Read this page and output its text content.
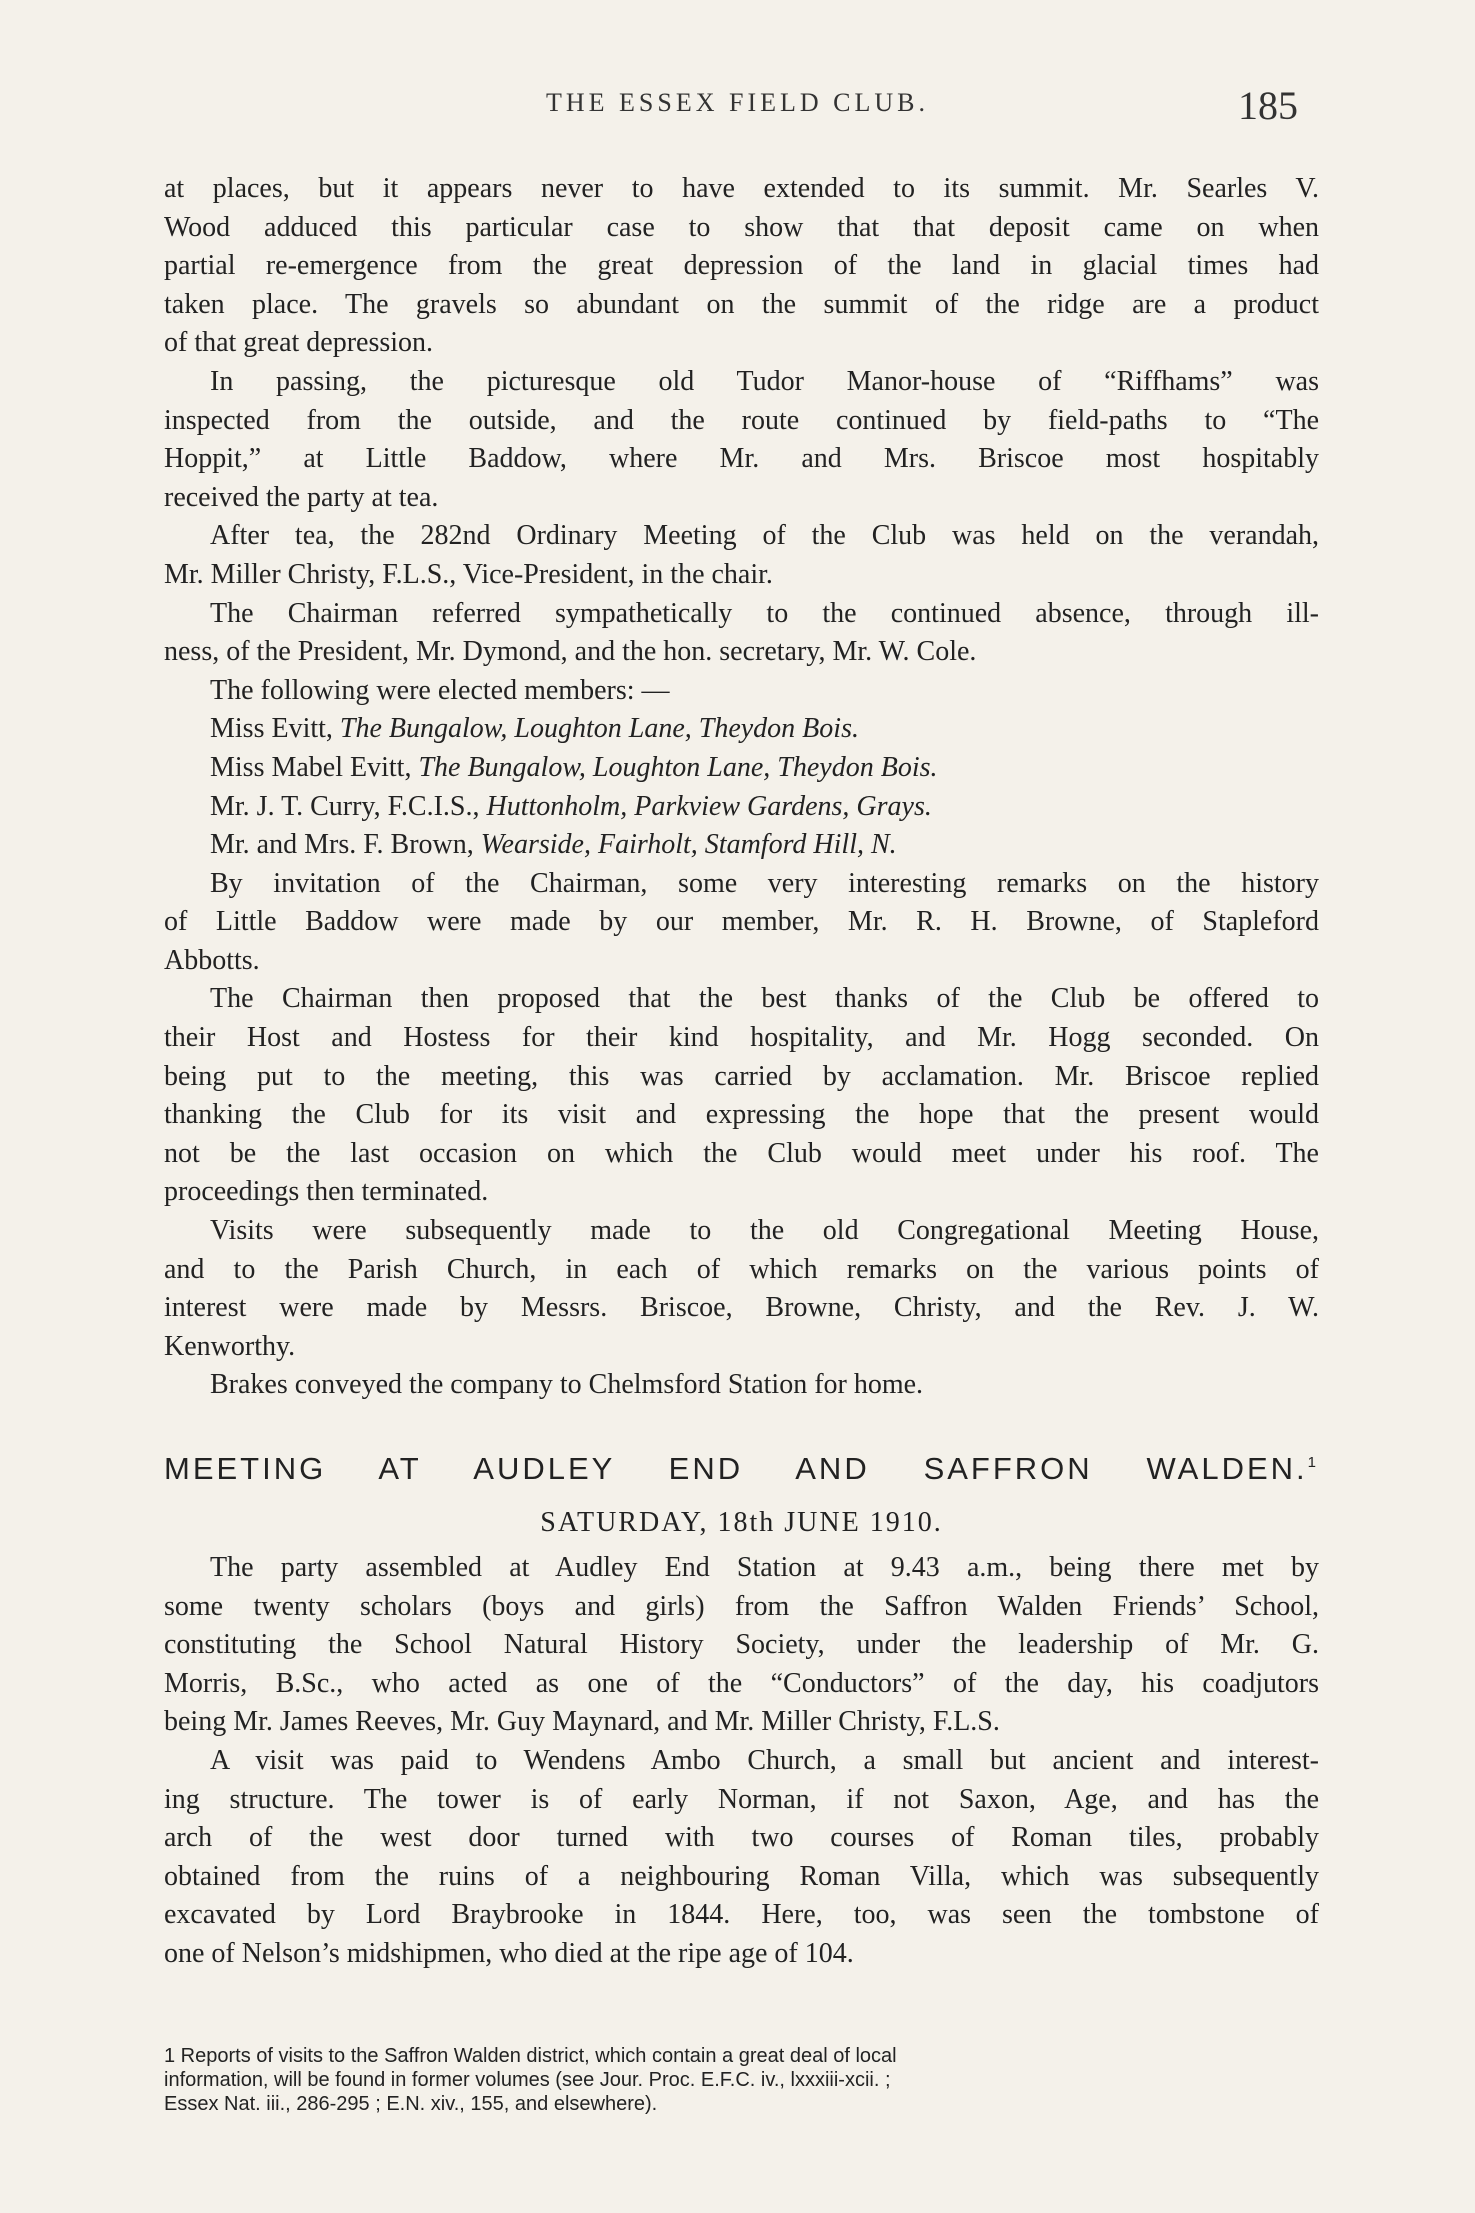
THE ESSEX FIELD CLUB.	185
at places, but it appears never to have extended to its summit. Mr. Searles V.
Wood adduced this particular case to show that that deposit came on when
partial re-emergence from the great depression of the land in glacial times had
taken place. The gravels so abundant on the summit of the ridge are a product
of that great depression.
In passing, the picturesque old Tudor Manor-house of “Riffhams” was
inspected from the outside, and the route continued by field-paths to “The
Hoppit,” at Little Baddow, where Mr. and Mrs. Briscoe most hospitably
received the party at tea.
After tea, the 282nd Ordinary Meeting of the Club was held on the verandah,
Mr. Miller Christy, F.L.S., Vice-President, in the chair.
The Chairman referred sympathetically to the continued absence, through ill-
ness, of the President, Mr. Dymond, and the hon. secretary, Mr. W. Cole.
The following were elected members: —
Miss Evitt, The Bungalow, Loughton Lane, Theydon Bois.
Miss Mabel Evitt, The Bungalow, Loughton Lane, Theydon Bois.
Mr. J. T. Curry, F.C.I.S., Huttonholm, Parkview Gardens, Grays.
Mr. and Mrs. F. Brown, Wearside, Fairholt, Stamford Hill, N.
By invitation of the Chairman, some very interesting remarks on the history
of Little Baddow were made by our member, Mr. R. H. Browne, of Stapleford
Abbotts.
The Chairman then proposed that the best thanks of the Club be offered to
their Host and Hostess for their kind hospitality, and Mr. Hogg seconded. On
being put to the meeting, this was carried by acclamation. Mr. Briscoe replied
thanking the Club for its visit and expressing the hope that the present would
not be the last occasion on which the Club would meet under his roof. The
proceedings then terminated.
Visits were subsequently made to the old Congregational Meeting House,
and to the Parish Church, in each of which remarks on the various points of
interest were made by Messrs. Briscoe, Browne, Christy, and the Rev. J. W.
Kenworthy.
Brakes conveyed the company to Chelmsford Station for home.
MEETING AT AUDLEY END AND SAFFRON WALDEN.$^1$
SATURDAY, 18th JUNE 1910.
The party assembled at Audley End Station at 9.43 a.m., being there met by
some twenty scholars (boys and girls) from the Saffron Walden Friends’ School,
constituting the School Natural History Society, under the leadership of Mr. G.
Morris, B.Sc., who acted as one of the “Conductors” of the day, his coadjutors
being Mr. James Reeves, Mr. Guy Maynard, and Mr. Miller Christy, F.L.S.
A visit was paid to Wendens Ambo Church, a small but ancient and interest-
ing structure. The tower is of early Norman, if not Saxon, Age, and has the
arch of the west door turned with two courses of Roman tiles, probably
obtained from the ruins of a neighbouring Roman Villa, which was subsequently
excavated by Lord Braybrooke in 1844. Here, too, was seen the tombstone of
one of Nelson’s midshipmen, who died at the ripe age of 104.
1 Reports of visits to the Saffron Walden district, which contain a great deal of local
information, will be found in former volumes (see Jour. Proc. E.F.C. iv., lxxxiii-xcii. ;
Essex Nat. iii., 286-295 ; E.N. xiv., 155, and elsewhere).
